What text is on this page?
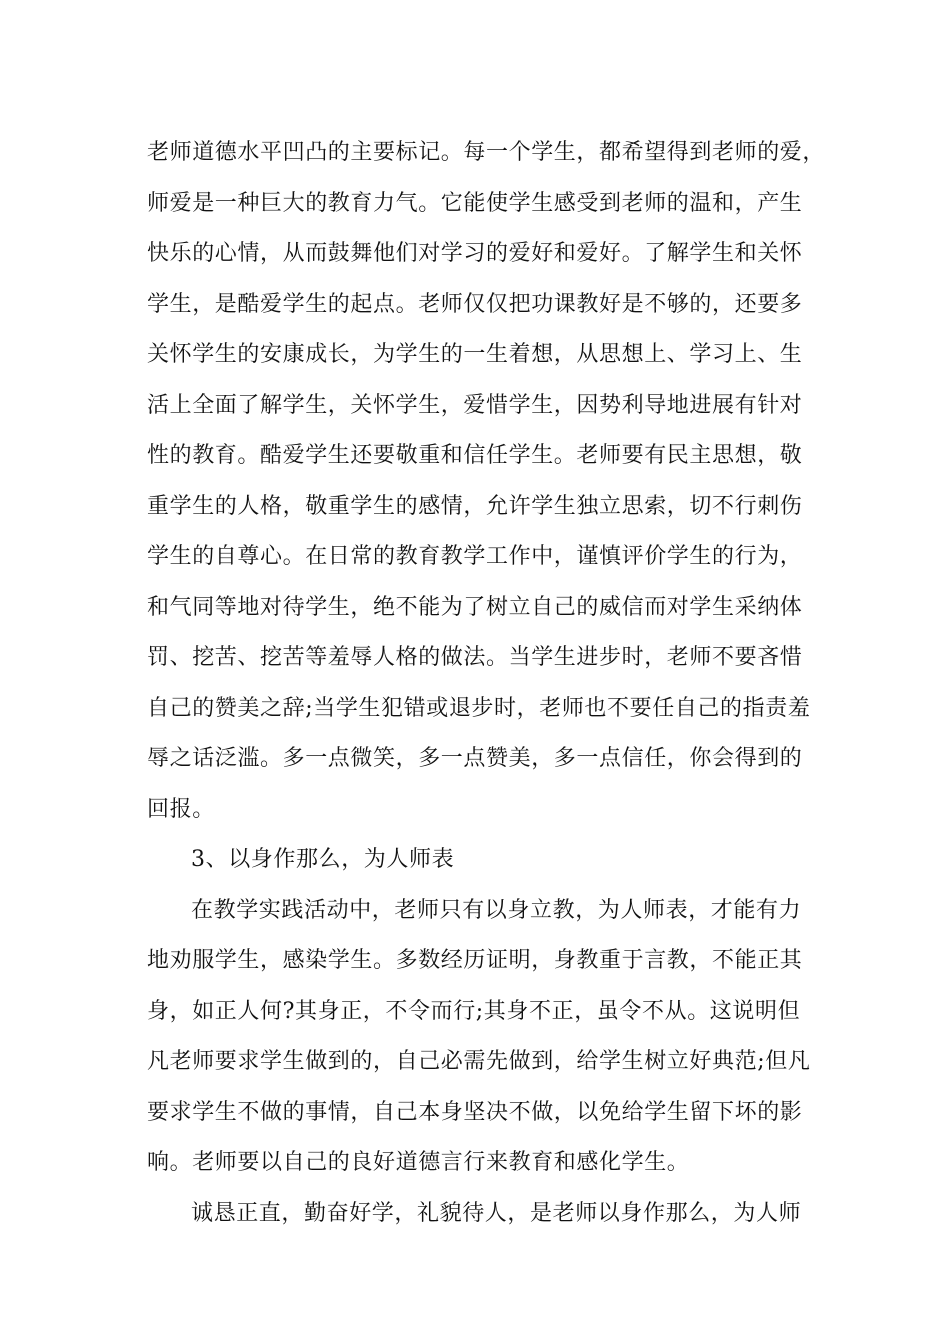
老师道德水平凹凸的主要标记。每一个学生，都希望得到老师的爱，
师爱是一种巨大的教育力气。它能使学生感受到老师的温和，产生
快乐的心情，从而鼓舞他们对学习的爱好和爱好。了解学生和关怀
学生，是酷爱学生的起点。老师仅仅把功课教好是不够的，还要多
关怀学生的安康成长，为学生的一生着想，从思想上、学习上、生
活上全面了解学生，关怀学生，爱惜学生，因势利导地进展有针对
性的教育。酷爱学生还要敬重和信任学生。老师要有民主思想，敬
重学生的人格，敬重学生的感情，允许学生独立思索，切不行刺伤
学生的自尊心。在日常的教育教学工作中，谨慎评价学生的行为，
和气同等地对待学生，绝不能为了树立自己的威信而对学生采纳体
罚、挖苦、挖苦等羞辱人格的做法。当学生进步时，老师不要吝惜
自己的赞美之辞;当学生犯错或退步时，老师也不要任自己的指责羞
辱之话泛滥。多一点微笑，多一点赞美，多一点信任，你会得到的
回报。
3、以身作那么，为人师表
在教学实践活动中，老师只有以身立教，为人师表，才能有力
地劝服学生，感染学生。多数经历证明，身教重于言教，不能正其
身，如正人何?其身正，不令而行;其身不正，虽令不从。这说明但
凡老师要求学生做到的，自己必需先做到，给学生树立好典范;但凡
要求学生不做的事情，自己本身坚决不做，以免给学生留下坏的影
响。老师要以自己的良好道德言行来教育和感化学生。
诚恳正直，勤奋好学，礼貌待人，是老师以身作那么，为人师
